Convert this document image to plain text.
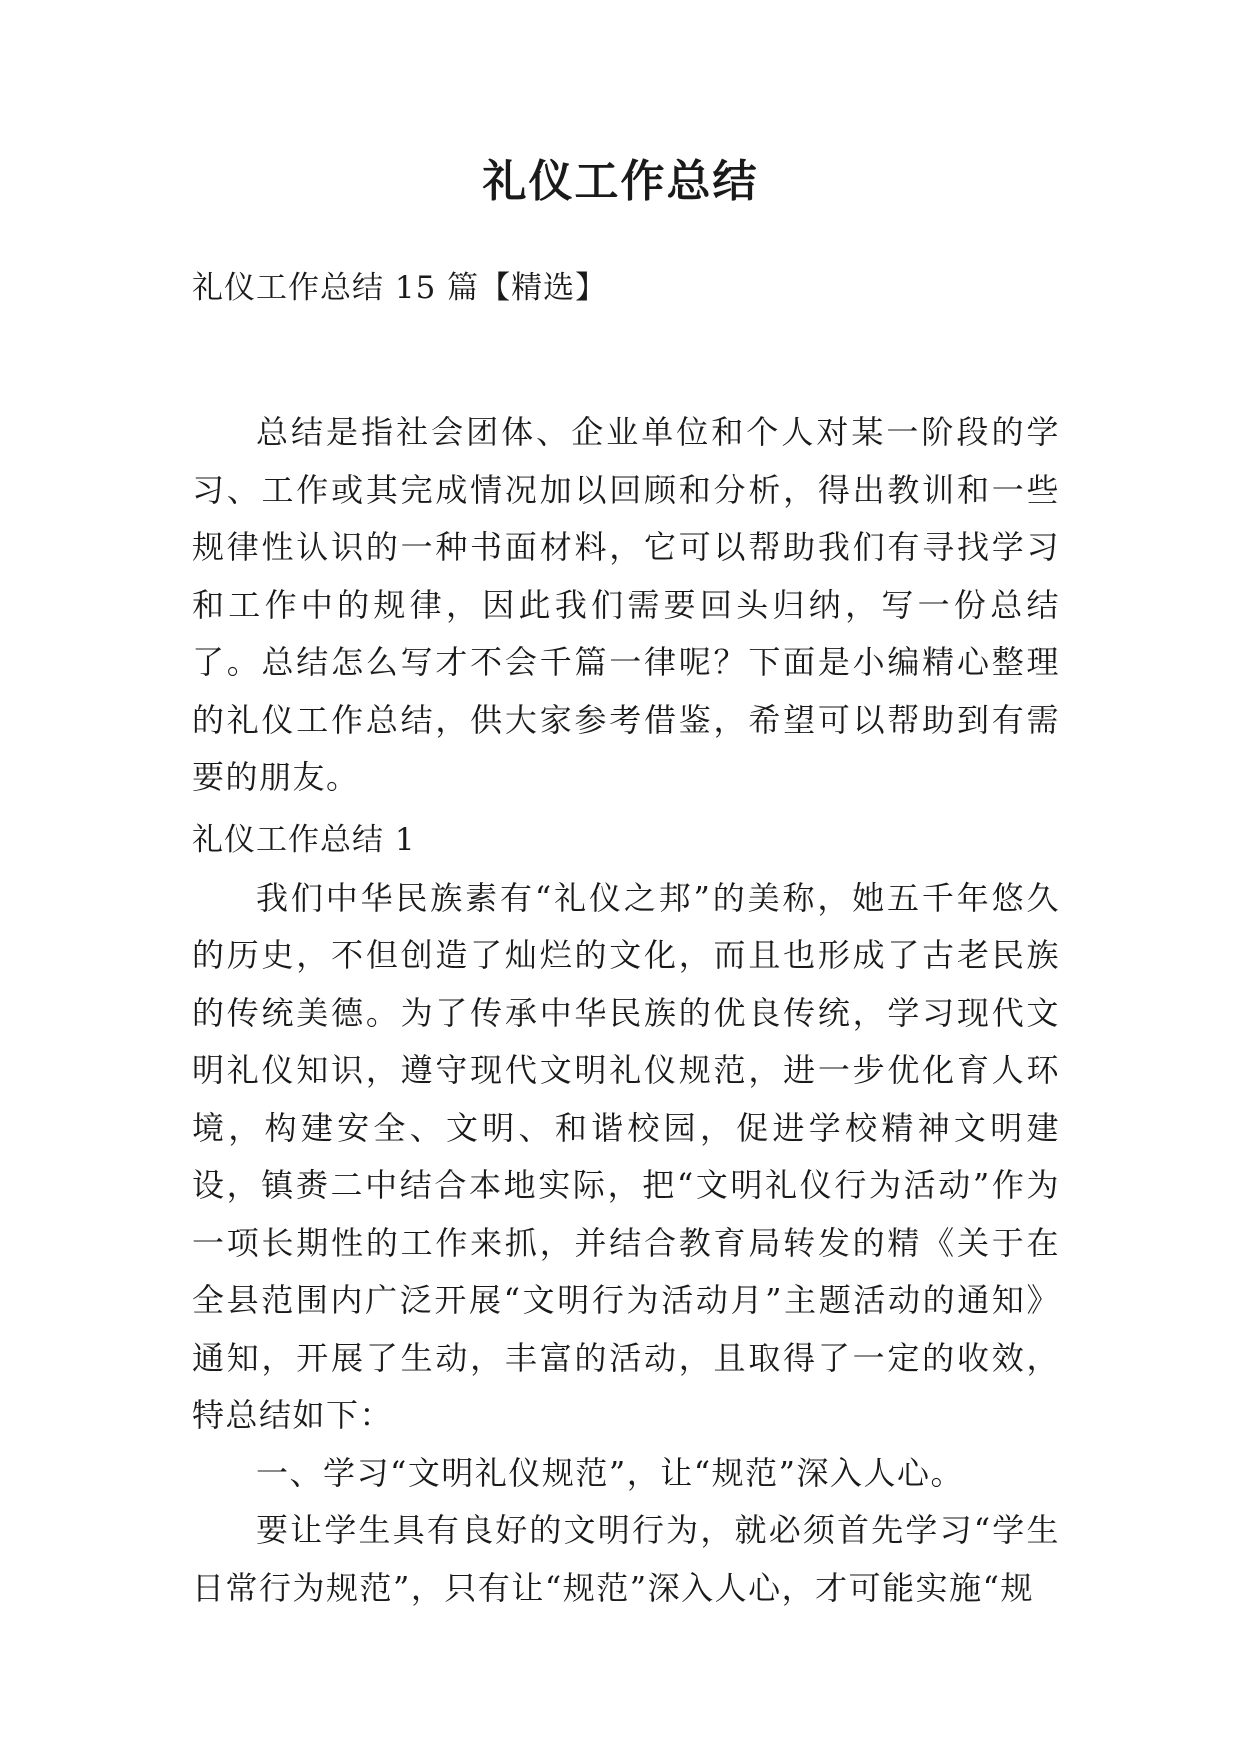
礼仪工作总结

礼仪工作总结 15 篇【精选】

总结是指社会团体、企业单位和个人对某一阶段的学习、工作或其完成情况加以回顾和分析，得出教训和一些规律性认识的一种书面材料，它可以帮助我们有寻找学习和工作中的规律，因此我们需要回头归纳，写一份总结了。总结怎么写才不会千篇一律呢？下面是小编精心整理的礼仪工作总结，供大家参考借鉴，希望可以帮助到有需要的朋友。

礼仪工作总结 1

我们中华民族素有“礼仪之邦”的美称，她五千年悠久的历史，不但创造了灿烂的文化，而且也形成了古老民族的传统美德。为了传承中华民族的优良传统，学习现代文明礼仪知识，遵守现代文明礼仪规范，进一步优化育人环境，构建安全、文明、和谐校园，促进学校精神文明建设，镇赉二中结合本地实际，把“文明礼仪行为活动”作为一项长期性的工作来抓，并结合教育局转发的精《关于在全县范围内广泛开展“文明行为活动月”主题活动的通知》通知，开展了生动，丰富的活动，且取得了一定的收效，特总结如下：

一、学习“文明礼仪规范”，让“规范”深入人心。

要让学生具有良好的文明行为，就必须首先学习“学生日常行为规范”，只有让“规范”深入人心，才可能实施“规
